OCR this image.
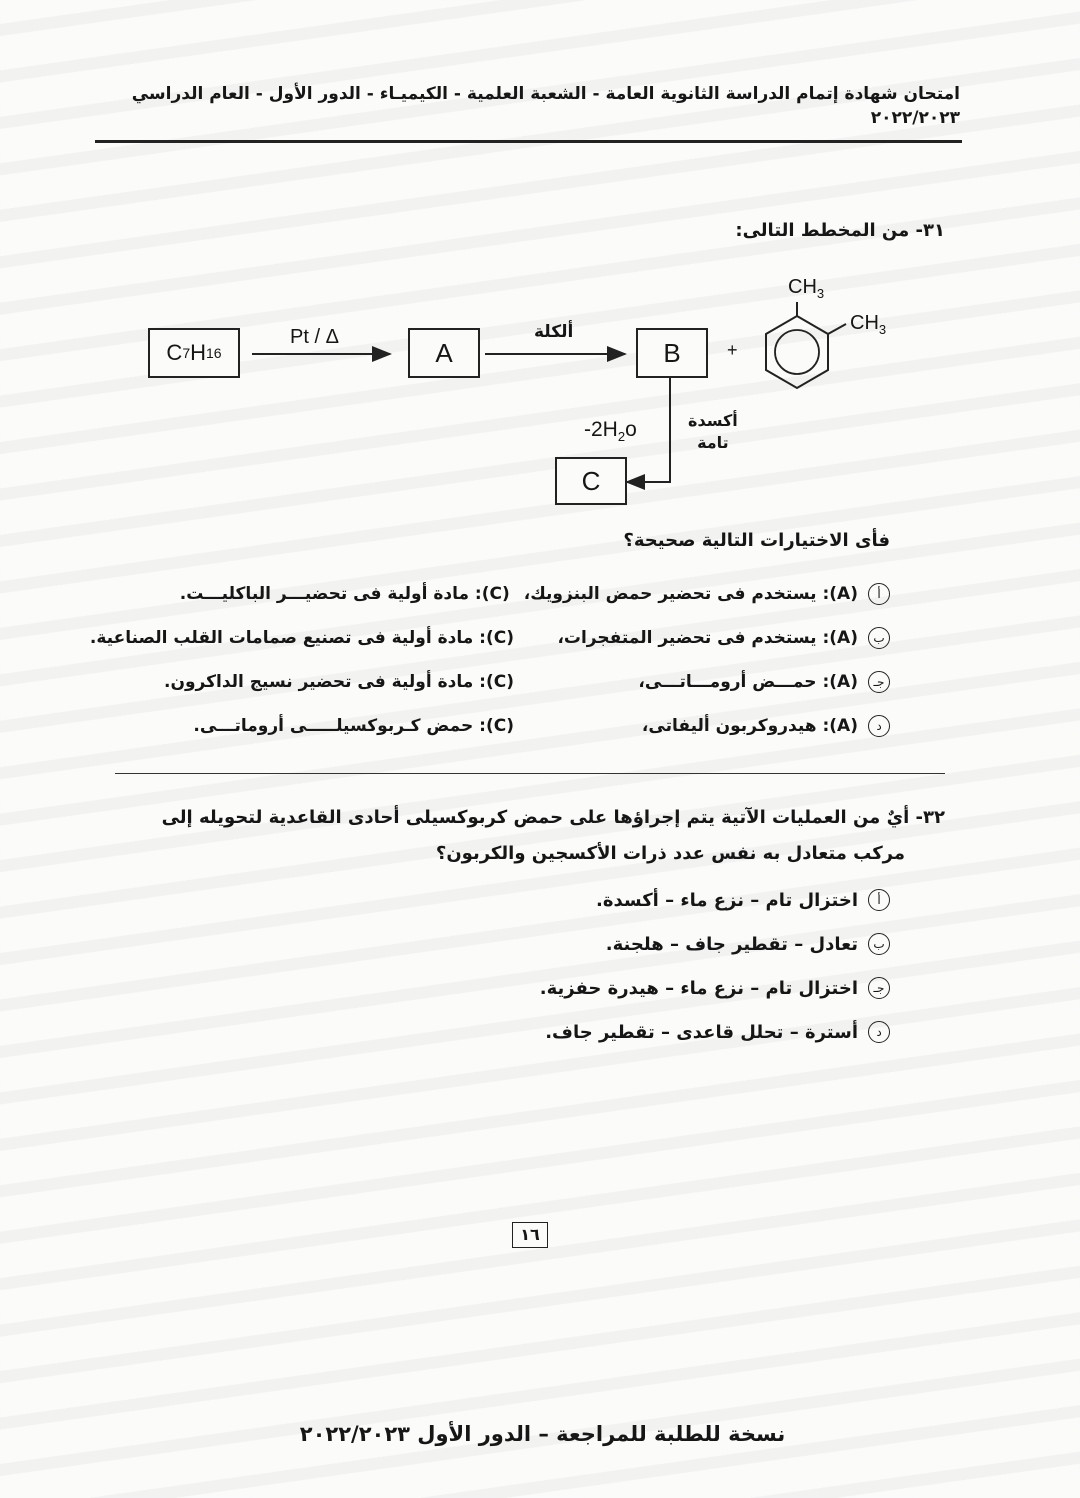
امتحان شهادة إتمام الدراسة الثانوية العامة - الشعبة العلمية - الكيميـاء - الدور الأول - العام الدراسي ٢٠٢٢/٢٠٢٣
٣١- من المخطط التالى:
C 7 H 16
Pt / Δ
A
ألكلة
B	+
$CH_3$
$CH_3$
أكسدة
تامة
$-2H_2o$
C
فأى الاختيارات التالية صحيحة؟
أ
(A): يستخدم فى تحضير حمض البنزويك،
(C): مادة أولية فى تحضيـــر الباكليـــت.
ب
(A): يستخدم فى تحضير المتفجرات،
(C): مادة أولية فى تصنيع صمامات القلب الصناعية.
جـ
(A): حمـــض أرومـــاتـــى،
(C): مادة أولية فى تحضير نسيج الداكرون.
د
(A): هيدروكربون أليفاتى،
(C): حمض كـربوكسيلـــــى أروماتـــى.
٣٢- أيٌ من العمليات الآتية يتم إجراؤها على حمض كربوكسيلى أحادى القاعدية لتحويله إلى
مركب متعادل به نفس عدد ذرات الأكسجين والكربون؟
أ
اختزال تام – نزع ماء – أكسدة.
ب
تعادل – تقطير جاف – هلجنة.
جـ
اختزال تام – نزع ماء – هيدرة حفزية.
د
أسترة – تحلل قاعدى – تقطير جاف.
١٦
نسخة للطلبة للمراجعة – الدور الأول ٢٠٢٢/٢٠٢٣
